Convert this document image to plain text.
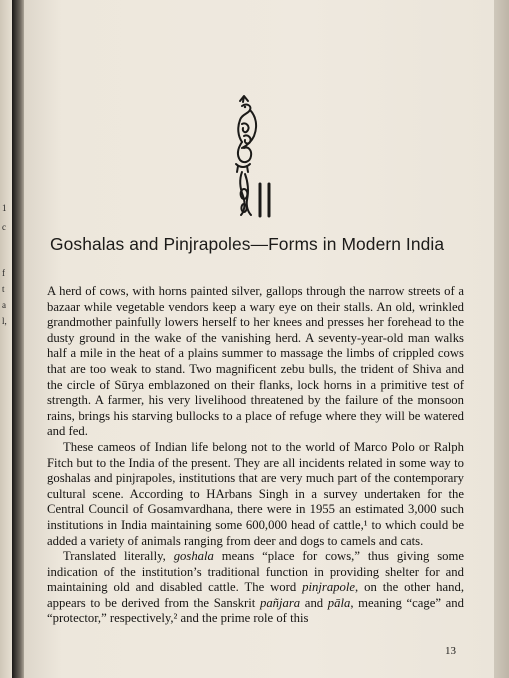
1
c
f
t
a
l,
Goshalas and Pinjrapoles—Forms in Modern India

A herd of cows, with horns painted silver, gallops through the narrow streets of a bazaar while vegetable vendors keep a wary eye on their stalls. An old, wrinkled grandmother painfully lowers herself to her knees and presses her forehead to the dusty ground in the wake of the vanishing herd. A seventy-year-old man walks half a mile in the heat of a plains summer to massage the limbs of crippled cows that are too weak to stand. Two magnificent zebu bulls, the trident of Shiva and the circle of Sūrya emblazoned on their flanks, lock horns in a primitive test of strength. A farmer, his very livelihood threatened by the failure of the monsoon rains, brings his starving bullocks to a place of refuge where they will be watered and fed.

These cameos of Indian life belong not to the world of Marco Polo or Ralph Fitch but to the India of the present. They are all incidents related in some way to goshalas and pinjrapoles, institutions that are very much part of the contemporary cultural scene. According to HArbans Singh in a survey undertaken for the Central Council of Gosamvardhana, there were in 1955 an estimated 3,000 such institutions in India maintaining some 600,000 head of cattle,¹ to which could be added a variety of animals ranging from deer and dogs to camels and cats.

Translated literally, goshala means “place for cows,” thus giving some indication of the institution’s traditional function in providing shelter for and maintaining old and disabled cattle. The word pinjrapole, on the other hand, appears to be derived from the Sanskrit pañjara and pāla, meaning “cage” and “protector,” respectively,² and the prime role of this

13
